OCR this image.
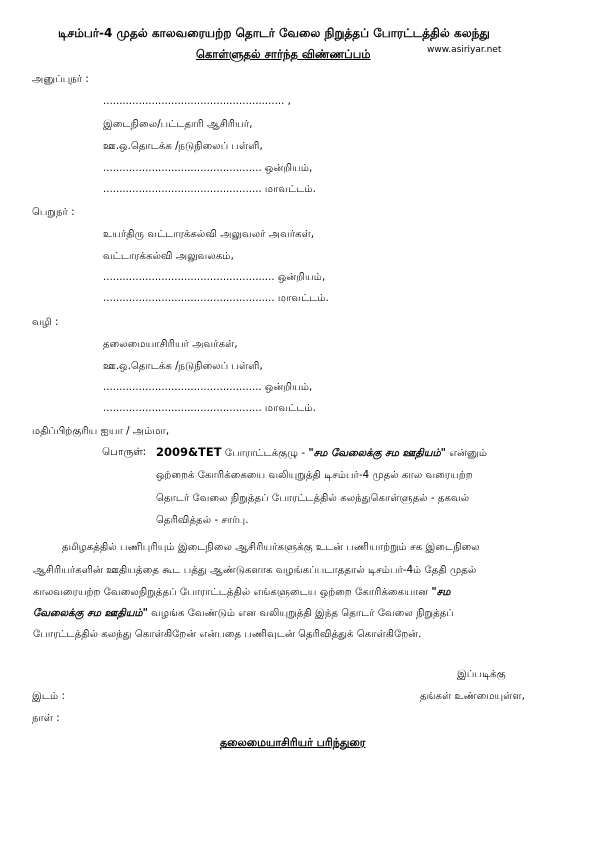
டிசம்பர்-4 முதல் காலவரையற்ற தொடர் வேலை நிறுத்தப் போரட்டத்தில் கலந்து
கொள்ளுதல் சார்ந்த விண்ணப்பம்	www.asiriyar.net
அனுப்புநர் :
........................................................ ,
இடைநிலை/பட்டதாரி ஆசிரியர்,
ஊ.ஒ.தொடக்க /நடுநிலைப் பள்ளி,
................................................. ஒன்றியம்,
................................................. மாவட்டம்.
பெறுநர் :
உயர்திரு வட்டாரக்கல்வி அலுவலர் அவர்கள்,
வட்டாரக்கல்வி அலுவலகம்,
..................................................... ஒன்றியம்,
..................................................... மாவட்டம்.
வழி :
தலைமையாசிரியர் அவர்கள்,
ஊ.ஒ.தொடக்க /நடுநிலைப் பள்ளி,
................................................. ஒன்றியம்,
................................................. மாவட்டம்.
மதிப்பிற்குரிய ஐயா / அம்மா,
பொருள்: 2009&TET போராட்டக்குழு - "சம வேலைக்கு சம ஊதியம்" என்னும்
ஒற்றைக் கோரிக்கையை வலியுறுத்தி டிசம்பர்-4 முதல் கால வரையற்ற
தொடர் வேலை நிறுத்தப் போரட்டத்தில் கலந்துகொள்ளுதல் - தகவல்
தெரிவித்தல் - சார்பு.
தமிழகத்தில் பணிபுரியும் இடைநிலை ஆசிரியர்களுக்கு உடன் பணியாற்றும் சக இடைநிலை
ஆசிரியர்களின் ஊதியத்தை கூட பத்து ஆண்டுகளாக வழங்கப்படாததால் டிசம்பர்-4ம் தேதி முதல்
காலவரையற்ற வேலைநிறுத்தப் போராட்டத்தில் எங்களுடைய ஒற்றை கோரிக்கையான "சம
வேலைக்கு சம ஊதியம்" வழங்க வேண்டும் என வலியுறுத்தி இந்த தொடர் வேலை நிறுத்தப்
போரட்டத்தில் கலந்து கொள்கிறேன் என்பதை பணிவுடன் தெரிவித்துக் கொள்கிறேன்.
இப்படிக்கு
இடம் :	தங்கள் உண்மையுள்ள,
நாள் :
தலைமையாசிரியர் பரிந்துரை
